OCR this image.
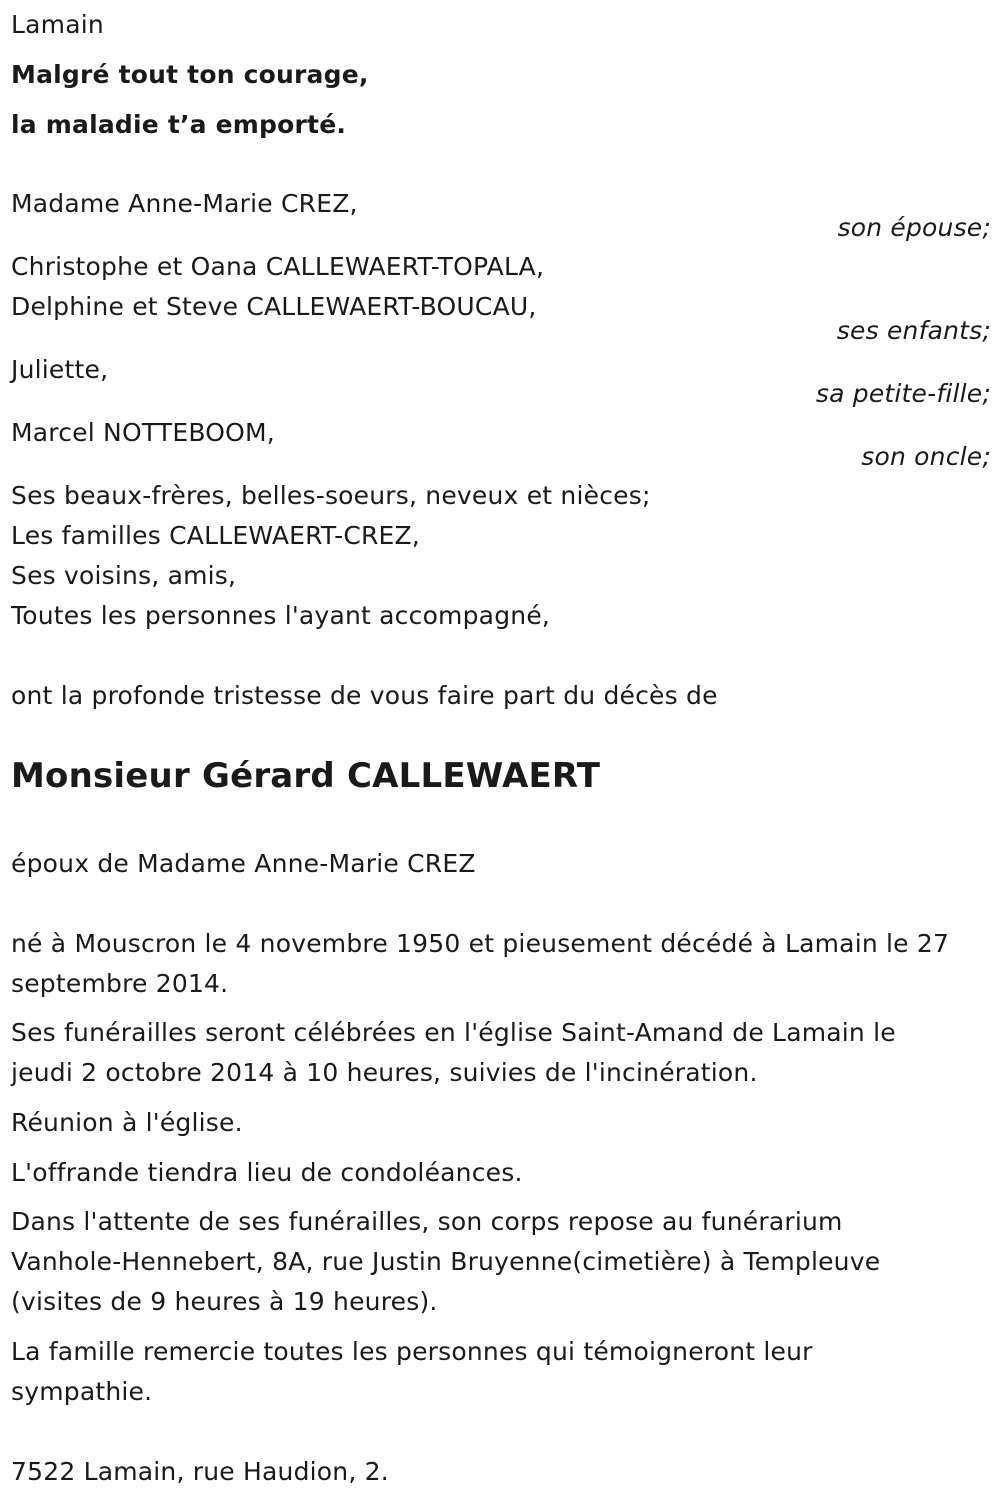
Lamain
Malgré tout ton courage,
la maladie t’a emporté.
Madame Anne-Marie CREZ,
son épouse;
Christophe et Oana CALLEWAERT-TOPALA,
Delphine et Steve CALLEWAERT-BOUCAU,
ses enfants;
Juliette,
sa petite-fille;
Marcel NOTTEBOOM,
son oncle;
Ses beaux-frères, belles-soeurs, neveux et nièces;
Les familles CALLEWAERT-CREZ,
Ses voisins, amis,
Toutes les personnes l'ayant accompagné,
ont la profonde tristesse de vous faire part du décès de
Monsieur Gérard CALLEWAERT
époux de Madame Anne-Marie CREZ
né à Mouscron le 4 novembre 1950 et pieusement décédé à Lamain le 27
septembre 2014.
Ses funérailles seront célébrées en l'église Saint-Amand de Lamain le
jeudi 2 octobre 2014 à 10 heures, suivies de l'incinération.
Réunion à l'église.
L'offrande tiendra lieu de condoléances.
Dans l'attente de ses funérailles, son corps repose au funérarium
Vanhole-Hennebert, 8A, rue Justin Bruyenne(cimetière) à Templeuve
(visites de 9 heures à 19 heures).
La famille remercie toutes les personnes qui témoigneront leur
sympathie.
7522 Lamain, rue Haudion, 2.
